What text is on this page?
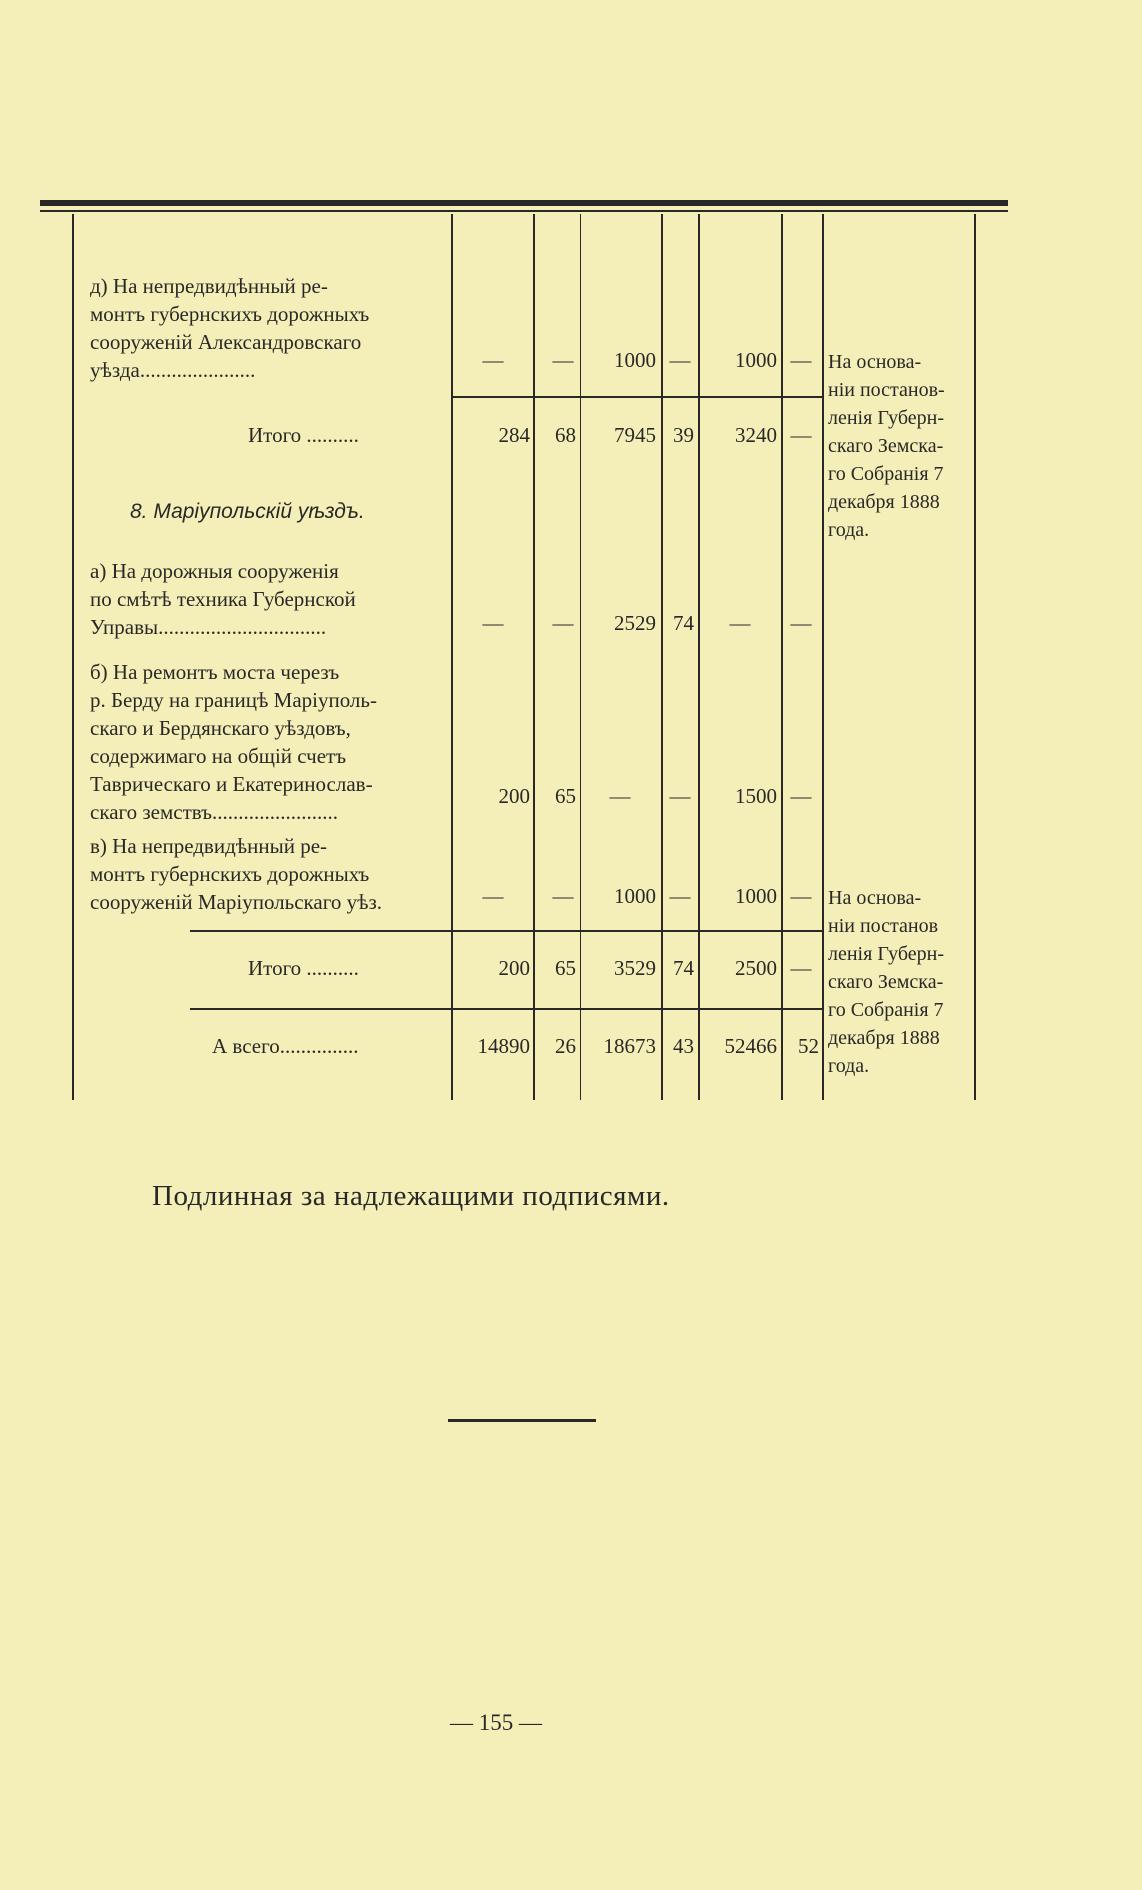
д) На непредвидѣнный ре-
монтъ губернскихъ дорожныхъ
сооруженій Александровскаго
уѣзда ......................	— —	1000 —	1000 — На основа-
ніи постанов-
ленія Губерн-
скаго Земска-
го Собранія 7
декабря 1888
года.
Итого ..........	284	68	7945 39	3240 —
8. Маріупольскій уѣздъ.
а) На дорожныя сооруженія
по смѣтѣ техника Губернской
Управы ................................	— —	2529 74 — —
б) На ремонтъ моста черезъ
р. Берду на границѣ Маріуполь-
скаго и Бердянскаго уѣздовъ,
содержимаго на общій счетъ
Таврическаго и Екатеринослав-
скаго земствъ ........................
200	65 — —	1500 —
в) На непредвидѣнный ре-
монтъ губернскихъ дорожныхъ
сооруженій Маріупольскаго уѣз.	— —	1000 —	1000 — На основа-
ніи постанов
ленія Губерн-
скаго Земска-
го Собранія 7
декабря 1888
года.
Итого ..........	200	65	3529 74	2500 —
А всего...............	14890	26	18673 43	52466	52
Подлинная за надлежащими подписями.
— 155 —
